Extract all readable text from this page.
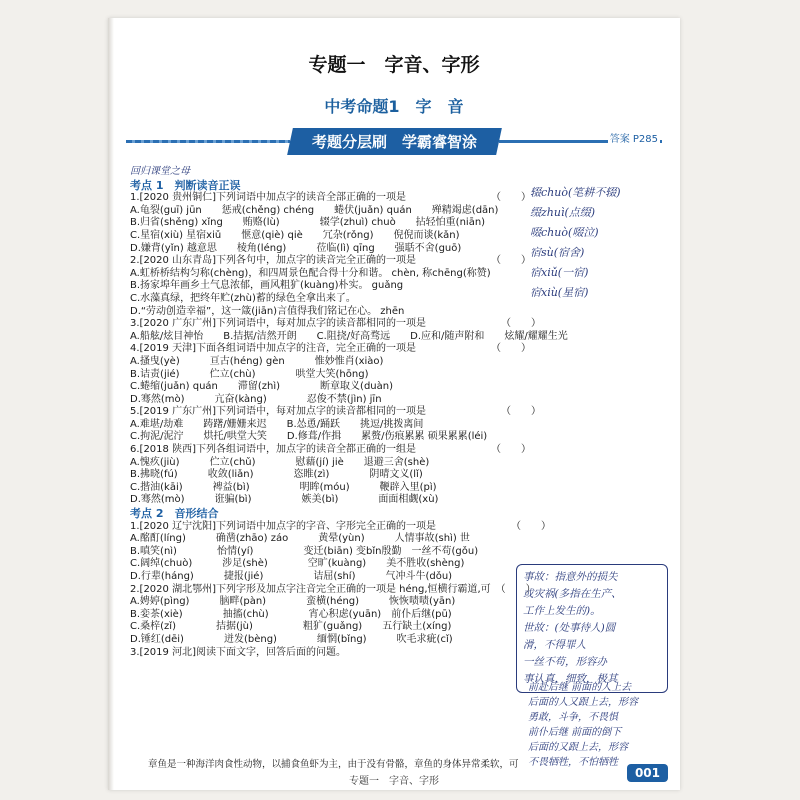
专题一　字音、字形
中考命题1　字　音
考题分层刷　学霸睿智涂	答案 P285
回归课堂之母
考点 1　判断读音正误
1.[2020 贵州铜仁]下列词语中加点字的读音全部正确的一项是　　　　　　　　　（　　）
A.龟裂(guī) jūn　　惩戒(chěng) chéng　　蜷伏(juǎn) quán　　殚精竭虑(dān)
B.归省(shěng) xǐng　　贿赂(lù)　　　　辍学(zhuì) chuò　　拈轻怕重(niān)
C.星宿(xiù) 星宿xiǔ　　惬意(qiè) qiè　　冗杂(rǒng)　　倪倪而谈(kǎn)
D.嫌背(yǐn) 越意思　　棱角(léng)　　　莅临(lì) qīng　　强聒不舍(guō)
2.[2020 山东青岛]下列各句中，加点字的读音完全正确的一项是　　　　　　　　（　　）
A.虹桥桥结构匀称(chèng)，和四周景色配合得十分和谐。 chèn, 称chēng(称赞)
B.扬家埠年画乡土气息浓郁，画风粗犷(kuàng)朴实。 guǎng
C.水藻真绿，把终年贮(zhù)蓄的绿色全拿出来了。
D.“劳动创造幸福”，这一箴(jiān)言值得我们铭记在心。 zhēn
3.[2020 广东广州]下列词语中，每对加点字的读音都相同的一项是　　　　　　　　（　　）
A.船舷/炫目神怡　　B.拮据/洁然开朗　　C.阻挠/好高骛远　　D.应和/随声附和　　炫耀/耀耀生光
4.[2019 天津]下面各组词语中加点字的注音，完全正确的一项是　　　　　　　　（　　）
A.搔曳(yè)　　　亘古(héng) gèn　　　惟妙惟肖(xiào)
B.诘责(jié)　　　伫立(chù)　　　　哄堂大笑(hōng)
C.蜷缩(juǎn) quán　　滞留(zhì)　　　　断章取义(duàn)
D.骞然(mò)　　　亢奋(kàng)　　　　忍俊不禁(jìn) jīn
5.[2019 广东广州]下列词语中，每对加点字的读音都相同的一项是　　　　　　　　（　　）
A.难堪/劫难　　踌躇/姗姗来迟　　B.怂恿/踊跃　　挑逗/挑拨离间
C.拘泥/泥泞　　烘托/哄堂大笑　　D.修葺/作揖　　累赘/伤痕累累 硕果累累(léi)
6.[2018 陕西]下列各组词语中，加点字的读音全都正确的一组是　　　　　　　　（　　）
A.愧疚(jiù)　　　伫立(chǔ)　　　　慰藉(jí) jiè　　退避三舍(shè)
B.拂晓(fú)　　　收敛(liǎn)　　　　恣睢(zì)　　　　阴晴文义(lǐ)
C.揩油(kāi)　　　裨益(bì)　　　　　明眸(móu)　　　鞭辟入里(pì)
D.骞然(mò)　　　诳骗(bì)　　　　　嫉美(bì)　　　　面面相觑(xù)
考点 2　音形结合
1.[2020 辽宁沈阳]下列词语中加点字的字音、字形完全正确的一项是　　　　　　　　（　　）
A.酩酊(líng)　　　确凿(zhāo) záo　　　黄晕(yùn)　　　人情事故(shì) 世
B.嗔笑(nì)　　　　怡情(yí)　　　　　变迁(biān) 变bǐn殷勤　一丝不苟(gǒu)
C.阔绰(chuò)　　　涉足(shè)　　　　空旷(kuàng)　　美不胜收(shèng)
D.行辈(háng)　　　捷报(jié)　　　　　诘屈(shí)　　　气冲斗牛(dǒu)
2.[2020 湖北鄂州]下列字形及加点字注音完全正确的一项是 héng,恒横行霸道,可　（　　）
A.娉婷(pìng)　　　脑畔(pàn)　　　　蛮横(héng)　　　恢恢啧啧(yān)
B.娈茶(xiè)　　　　抽搐(chù)　　　　宵心积虑(yuān)　前仆后继(pū)
C.桑梓(zǐ)　　　　拮据(jù)　　　　　粗犷(guǎng)　　五行缺土(xíng)
D.锤红(dēi)　　　　迸发(bèng)　　　　缅惘(bǐng)　　　吹毛求疵(cǐ)
3.[2019 河北]阅读下面文字，回答后面的问题。
辍chuò(笔耕不辍)
缀zhuì(点缀)
啜chuò(啜泣)
宿sù(宿舍)
宿xiǔ(一宿)
宿xiù(星宿)
事故：指意外的损失
或灾祸(多指在生产、
工作上发生的)。
世故：(处事待人)圆
滑，不得罪人
一丝不苟，形容办
事认真，细致，极其
前赴后继 前面的人上去
后面的人又跟上去，形容
勇敢，斗争，不畏惧
前仆后继 前面的倒下
后面的又跟上去，形容
不畏牺牲，不怕牺牲
章鱼是一种海洋肉食性动物，以捕食鱼虾为主，由于没有骨骼，章鱼的身体异常柔软，可
专题一　字音、字形
001
